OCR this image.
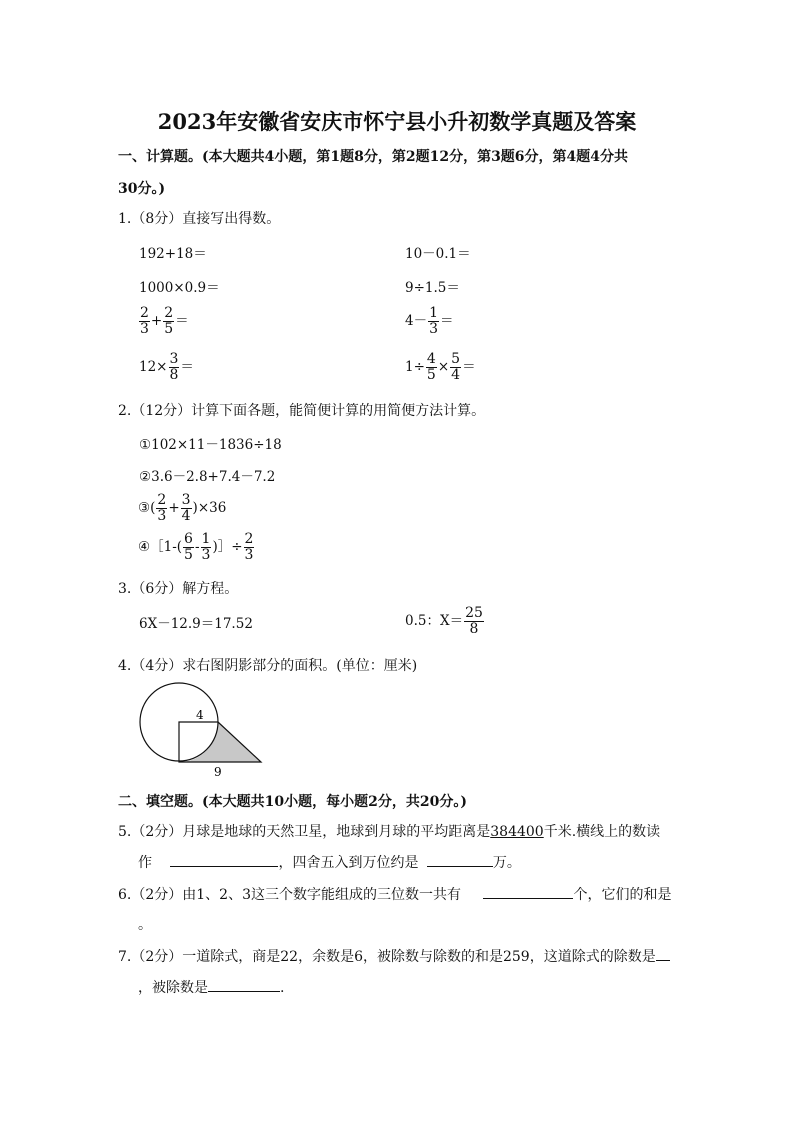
2023年安徽省安庆市怀宁县小升初数学真题及答案
一、计算题。(本大题共4小题，第1题8分，第2题12分，第3题6分，第4题4分共
30分。)
1.（8分）直接写出得数。
192+18＝	10－0.1＝
1000×0.9＝	9÷1.5＝
$\frac{2}{3} + \frac{2}{5}$ ＝	$4- \frac{1}{3}$ ＝
$12\times \frac{3}{8}$ ＝	$1\div \frac{4}{5} \times \frac{5}{4}$ ＝
2.（12分）计算下面各题，能简便计算的用简便方法计算。
①102×11－1836÷18
②3.6－2.8+7.4－7.2
③( $\frac{2}{3} + \frac{3}{4} )\times 36$
④［1-( $\frac{6}{5} - \frac{1}{3}$ )］÷ $\frac{2}{3}$
3.（6分）解方程。
6X－12.9＝17.52	0.5：$X= \frac{25}{8}$
4.（4分）求右图阴影部分的面积。(单位：厘米)
4
9
二、填空题。(本大题共10小题，每小题2分，共20分。)
5.（2分）月球是地球的天然卫星，地球到月球的平均距离是384400千米.横线上的数读
作	，四舍五入到万位约是	万。
6.（2分）由1、2、3这三个数字能组成的三位数一共有	个，它们的和是
。
7.（2分）一道除式，商是22，余数是6，被除数与除数的和是259，这道除式的除数是
，被除数是	.
